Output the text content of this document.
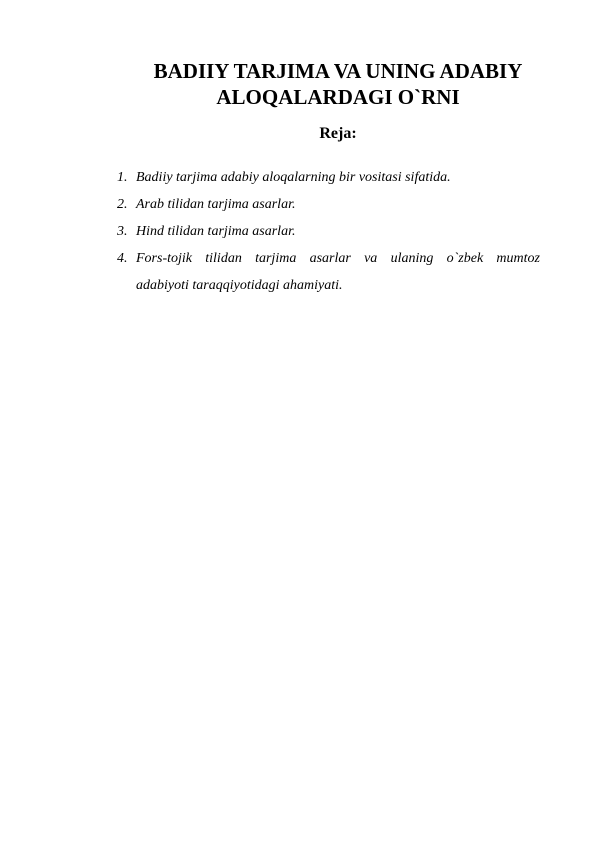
BADIIY TARJIMA VA UNING ADABIY
ALOQALARDAGI O`RNI
Reja:
1. Badiiy tarjima adabiy aloqalarning bir vositasi sifatida.
2. Arab tilidan tarjima asarlar.
3. Hind tilidan tarjima asarlar.
4. Fors-tojik tilidan tarjima asarlar va ulaning o`zbek mumtoz
adabiyoti taraqqiyotidagi ahamiyati.
